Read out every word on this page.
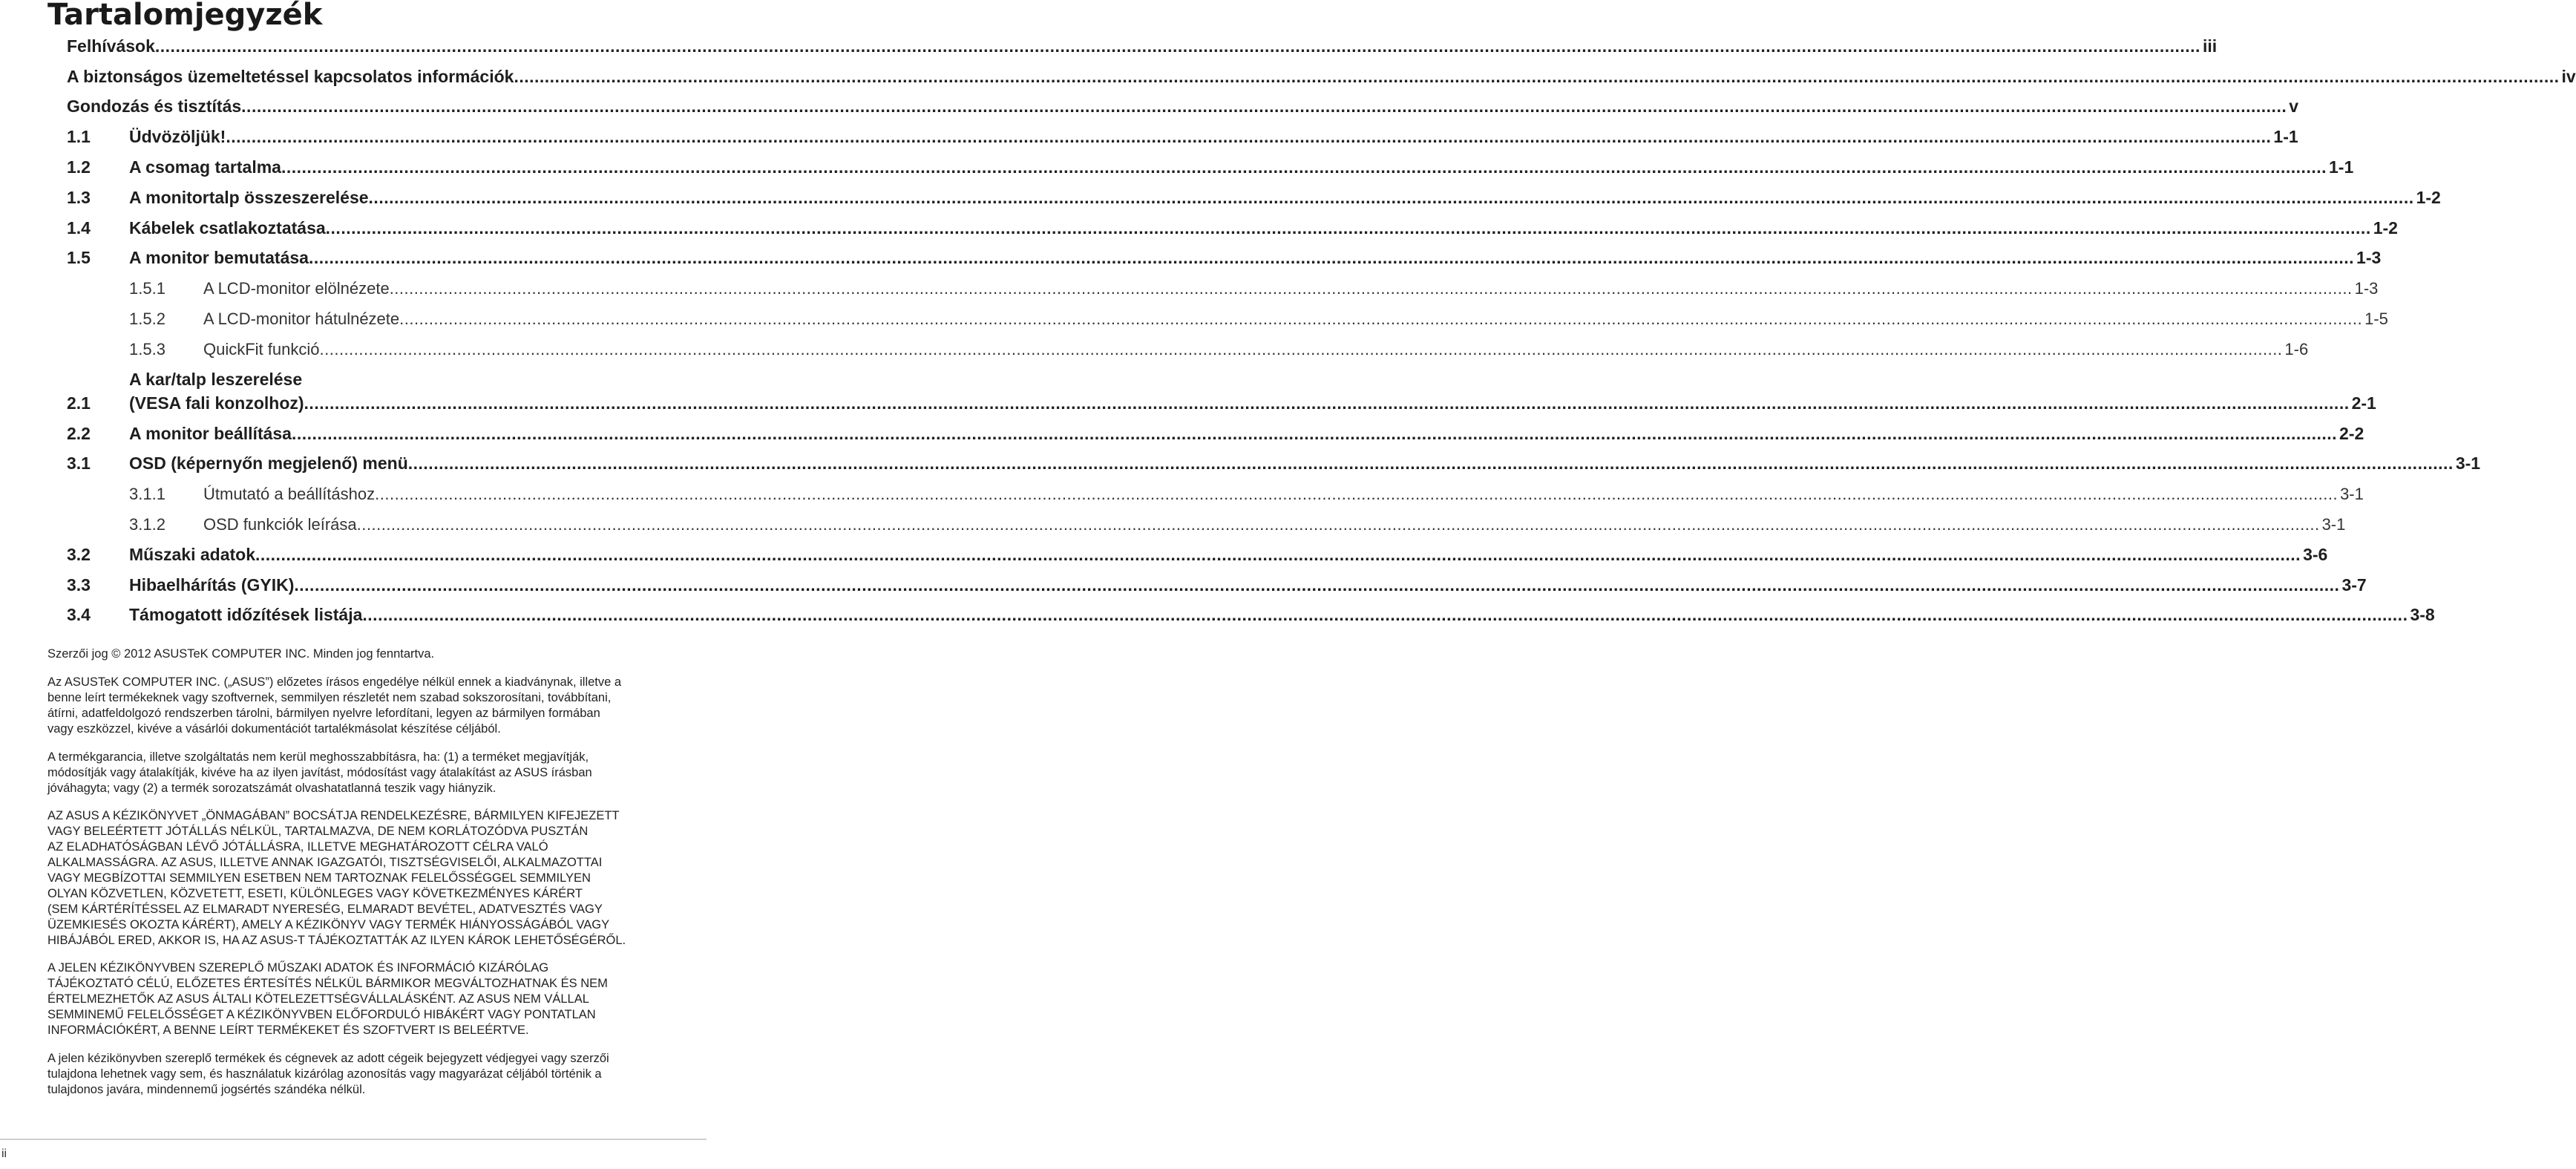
Tartalomjegyzék
Felhívások ................................................................................................................................................................................................................................................................................................................................................................................................................ iii
A biztonságos üzemeltetéssel kapcsolatos információk ................................................................................................................................................................................................................................................................................................................................................................................................................ iv
Gondozás és tisztítás ................................................................................................................................................................................................................................................................................................................................................................................................................ v
1.1 Üdvözöljük! ................................................................................................................................................................................................................................................................................................................................................................................................................ 1-1
1.2 A csomag tartalma ................................................................................................................................................................................................................................................................................................................................................................................................................ 1-1
1.3 A monitortalp összeszerelése ................................................................................................................................................................................................................................................................................................................................................................................................................ 1-2
1.4 Kábelek csatlakoztatása ................................................................................................................................................................................................................................................................................................................................................................................................................ 1-2
1.5 A monitor bemutatása ................................................................................................................................................................................................................................................................................................................................................................................................................ 1-3
1.5.1 A LCD-monitor elölnézete ................................................................................................................................................................................................................................................................................................................................................................................................................ 1-3
1.5.2 A LCD-monitor hátulnézete ................................................................................................................................................................................................................................................................................................................................................................................................................ 1-5
1.5.3 QuickFit funkció ................................................................................................................................................................................................................................................................................................................................................................................................................ 1-6
2.1
A kar/talp leszerelése
(VESA fali konzolhoz) ................................................................................................................................................................................................................................................................................................................................................................................................................ 2-1
2.2 A monitor beállítása ................................................................................................................................................................................................................................................................................................................................................................................................................ 2-2
3.1 OSD (képernyőn megjelenő) menü ................................................................................................................................................................................................................................................................................................................................................................................................................ 3-1
3.1.1 Útmutató a beállításhoz ................................................................................................................................................................................................................................................................................................................................................................................................................ 3-1
3.1.2 OSD funkciók leírása ................................................................................................................................................................................................................................................................................................................................................................................................................ 3-1
3.2 Műszaki adatok ................................................................................................................................................................................................................................................................................................................................................................................................................ 3-6
3.3 Hibaelhárítás (GYIK) ................................................................................................................................................................................................................................................................................................................................................................................................................ 3-7
3.4 Támogatott időzítések listája ................................................................................................................................................................................................................................................................................................................................................................................................................ 3-8

Szerzői jog © 2012 ASUSTeK COMPUTER INC. Minden jog fenntartva.

Az ASUSTeK COMPUTER INC. („ASUS”) előzetes írásos engedélye nélkül ennek a kiadványnak, illetve a
benne leírt termékeknek vagy szoftvernek, semmilyen részletét nem szabad sokszorosítani, továbbítani,
átírni, adatfeldolgozó rendszerben tárolni, bármilyen nyelvre lefordítani, legyen az bármilyen formában
vagy eszközzel, kivéve a vásárlói dokumentációt tartalékmásolat készítése céljából.

A termékgarancia, illetve szolgáltatás nem kerül meghosszabbításra, ha: (1) a terméket megjavítják,
módosítják vagy átalakítják, kivéve ha az ilyen javítást, módosítást vagy átalakítást az ASUS írásban
jóváhagyta; vagy (2) a termék sorozatszámát olvashatatlanná teszik vagy hiányzik.

AZ ASUS A KÉZIKÖNYVET „ÖNMAGÁBAN” BOCSÁTJA RENDELKEZÉSRE, BÁRMILYEN KIFEJEZETT
VAGY BELEÉRTETT JÓTÁLLÁS NÉLKÜL, TARTALMAZVA, DE NEM KORLÁTOZÓDVA PUSZTÁN
AZ ELADHATÓSÁGBAN LÉVŐ JÓTÁLLÁSRA, ILLETVE MEGHATÁROZOTT CÉLRA VALÓ
ALKALMASSÁGRA. AZ ASUS, ILLETVE ANNAK IGAZGATÓI, TISZTSÉGVISELŐI, ALKALMAZOTTAI
VAGY MEGBÍZOTTAI SEMMILYEN ESETBEN NEM TARTOZNAK FELELŐSSÉGGEL SEMMILYEN
OLYAN KÖZVETLEN, KÖZVETETT, ESETI, KÜLÖNLEGES VAGY KÖVETKEZMÉNYES KÁRÉRT
(SEM KÁRTÉRÍTÉSSEL AZ ELMARADT NYERESÉG, ELMARADT BEVÉTEL, ADATVESZTÉS VAGY
ÜZEMKIESÉS OKOZTA KÁRÉRT), AMELY A KÉZIKÖNYV VAGY TERMÉK HIÁNYOSSÁGÁBÓL VAGY
HIBÁJÁBÓL ERED, AKKOR IS, HA AZ ASUS-T TÁJÉKOZTATTÁK AZ ILYEN KÁROK LEHETŐSÉGÉRŐL.

A JELEN KÉZIKÖNYVBEN SZEREPLŐ MŰSZAKI ADATOK ÉS INFORMÁCIÓ KIZÁRÓLAG
TÁJÉKOZTATÓ CÉLÚ, ELŐZETES ÉRTESÍTÉS NÉLKÜL BÁRMIKOR MEGVÁLTOZHATNAK ÉS NEM
ÉRTELMEZHETŐK AZ ASUS ÁLTALI KÖTELEZETTSÉGVÁLLALÁSKÉNT. AZ ASUS NEM VÁLLAL
SEMMINEMŰ FELELŐSSÉGET A KÉZIKÖNYVBEN ELŐFORDULÓ HIBÁKÉRT VAGY PONTATLAN
INFORMÁCIÓKÉRT, A BENNE LEÍRT TERMÉKEKET ÉS SZOFTVERT IS BELEÉRTVE.

A jelen kézikönyvben szereplő termékek és cégnevek az adott cégeik bejegyzett védjegyei vagy szerzői
tulajdona lehetnek vagy sem, és használatuk kizárólag azonosítás vagy magyarázat céljából történik a
tulajdonos javára, mindennemű jogsértés szándéka nélkül.

ii
